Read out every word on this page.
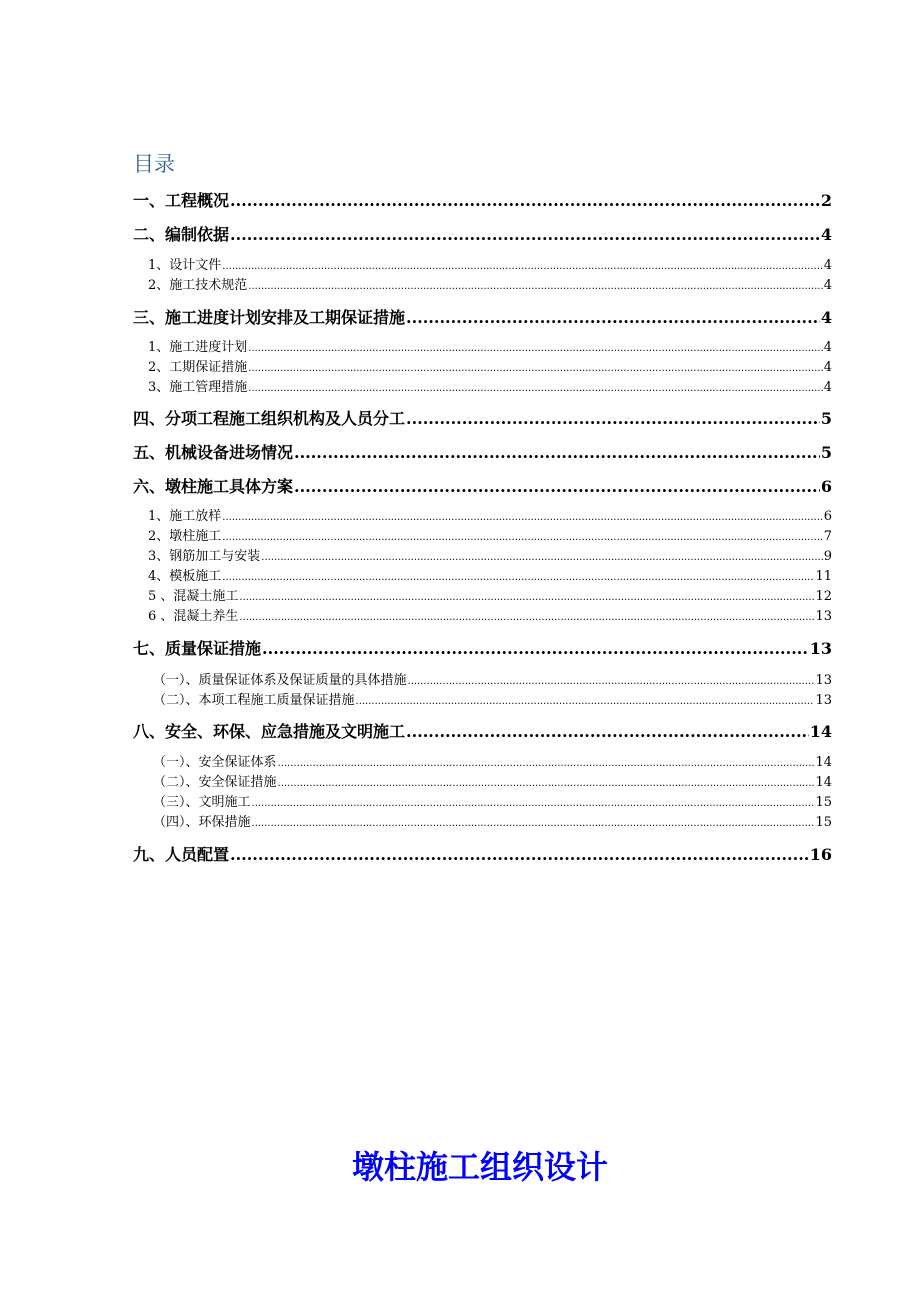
目录
一、工程概况 .....	2
二、编制依据 .....	4
1、设计文件 .....	4
2、施工技术规范 .....	4
三、施工进度计划安排及工期保证措施 .....	4
1、施工进度计划 .....	4
2、工期保证措施 .....	4
3、施工管理措施 .....	4
四、分项工程施工组织机构及人员分工 .....	5
五、机械设备进场情况 .....	5
六、墩柱施工具体方案 .....	6
1、施工放样 .....	6
2、墩柱施工 .....	7
3、钢筋加工与安装 .....	9
4、模板施工 .....	11
5 、混凝土施工 .....	12
6 、混凝土养生 .....	13
七、质量保证措施 .....	13
（一）、质量保证体系及保证质量的具体措施 .....	13
（二）、本项工程施工质量保证措施 .....	13
八、安全、环保、应急措施及文明施工 .....	14
（一）、安全保证体系 .....	14
（二）、安全保证措施 .....	14
（三）、文明施工 .....	15
（四）、环保措施 .....	15
九、人员配置 .....	16
墩柱施工组织设计
